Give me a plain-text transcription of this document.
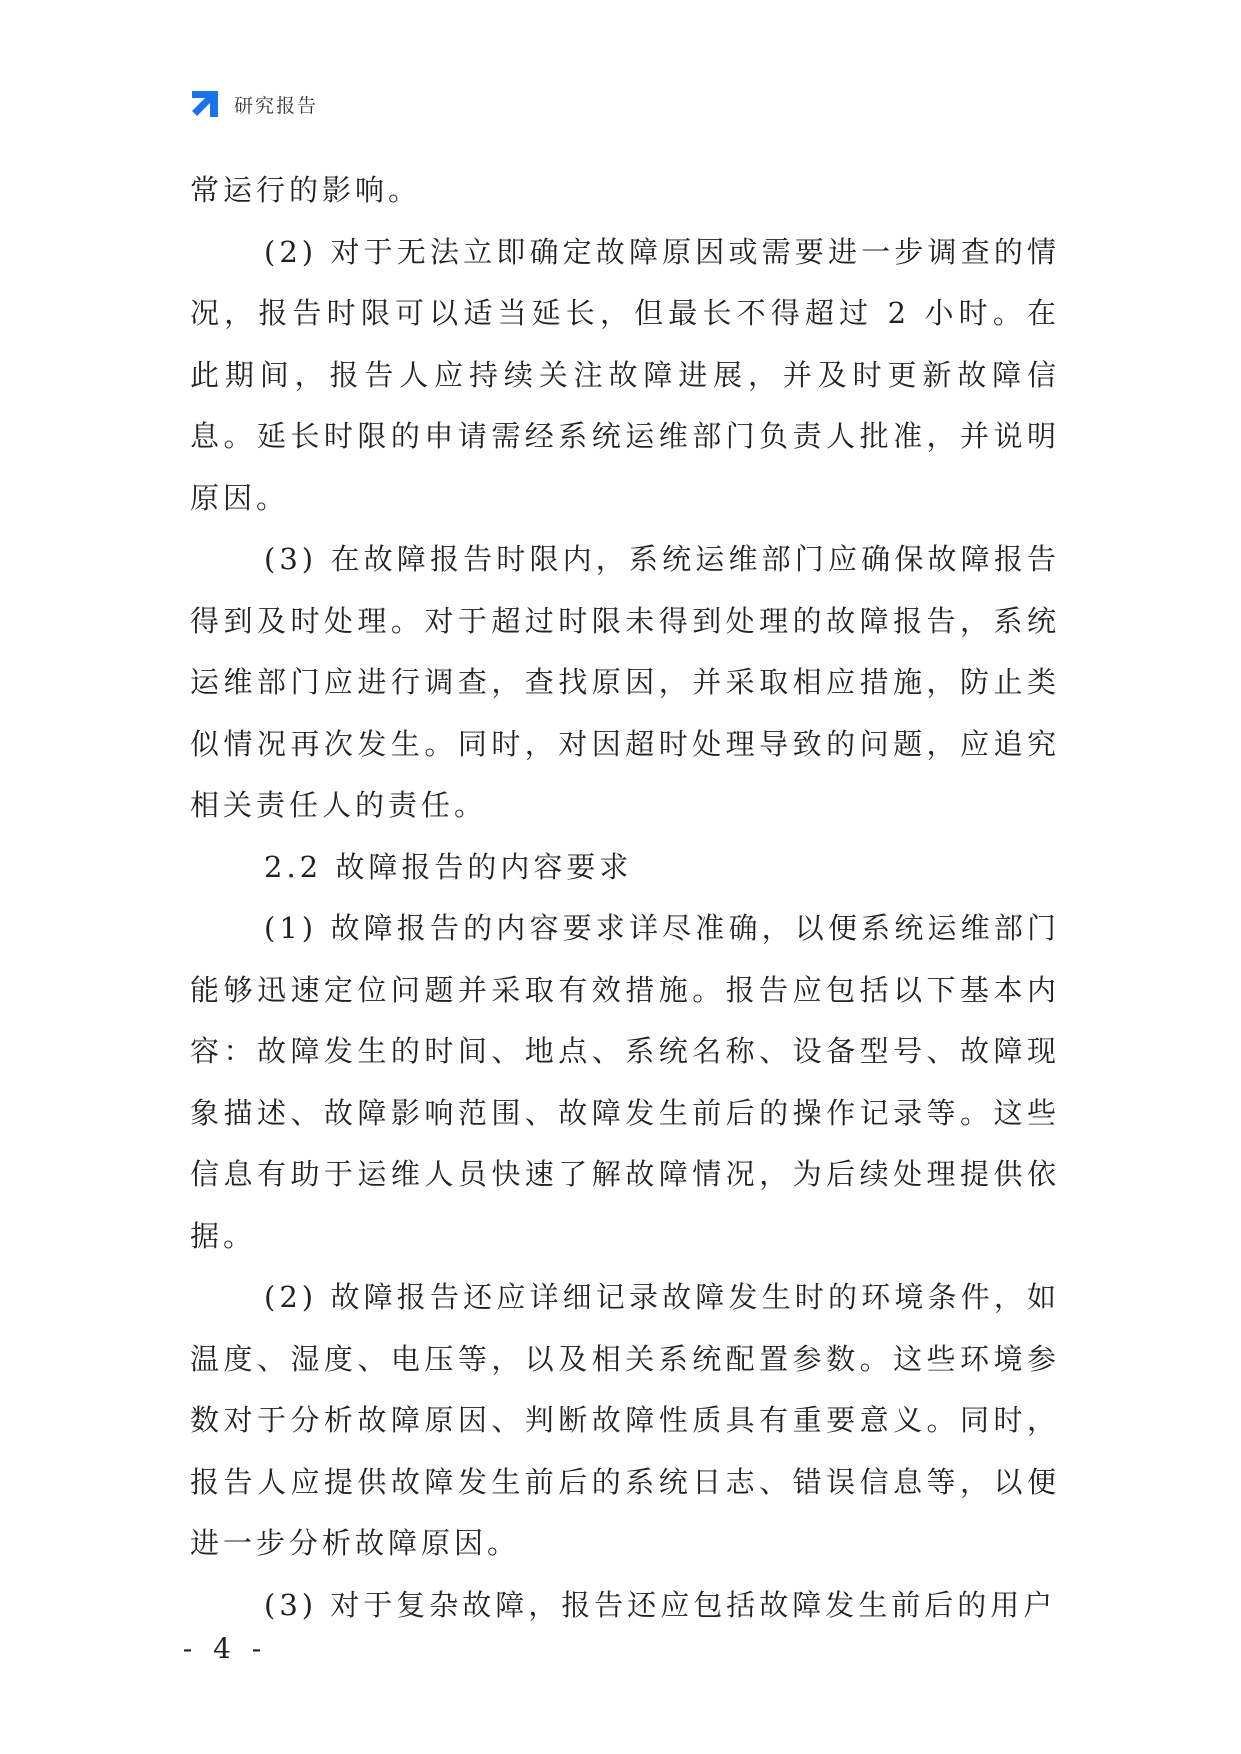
研究报告

常运行的影响。

(2) 对于无法立即确定故障原因或需要进一步调查的情况，报告时限可以适当延长，但最长不得超过 2 小时。在此期间，报告人应持续关注故障进展，并及时更新故障信息。延长时限的申请需经系统运维部门负责人批准，并说明原因。

(3) 在故障报告时限内，系统运维部门应确保故障报告得到及时处理。对于超过时限未得到处理的故障报告，系统运维部门应进行调查，查找原因，并采取相应措施，防止类似情况再次发生。同时，对因超时处理导致的问题，应追究相关责任人的责任。

2.2 故障报告的内容要求

(1) 故障报告的内容要求详尽准确，以便系统运维部门能够迅速定位问题并采取有效措施。报告应包括以下基本内容：故障发生的时间、地点、系统名称、设备型号、故障现象描述、故障影响范围、故障发生前后的操作记录等。这些信息有助于运维人员快速了解故障情况，为后续处理提供依据。

(2) 故障报告还应详细记录故障发生时的环境条件，如温度、湿度、电压等，以及相关系统配置参数。这些环境参数对于分析故障原因、判断故障性质具有重要意义。同时，报告人应提供故障发生前后的系统日志、错误信息等，以便进一步分析故障原因。

(3) 对于复杂故障，报告还应包括故障发生前后的用户

- 4 -
